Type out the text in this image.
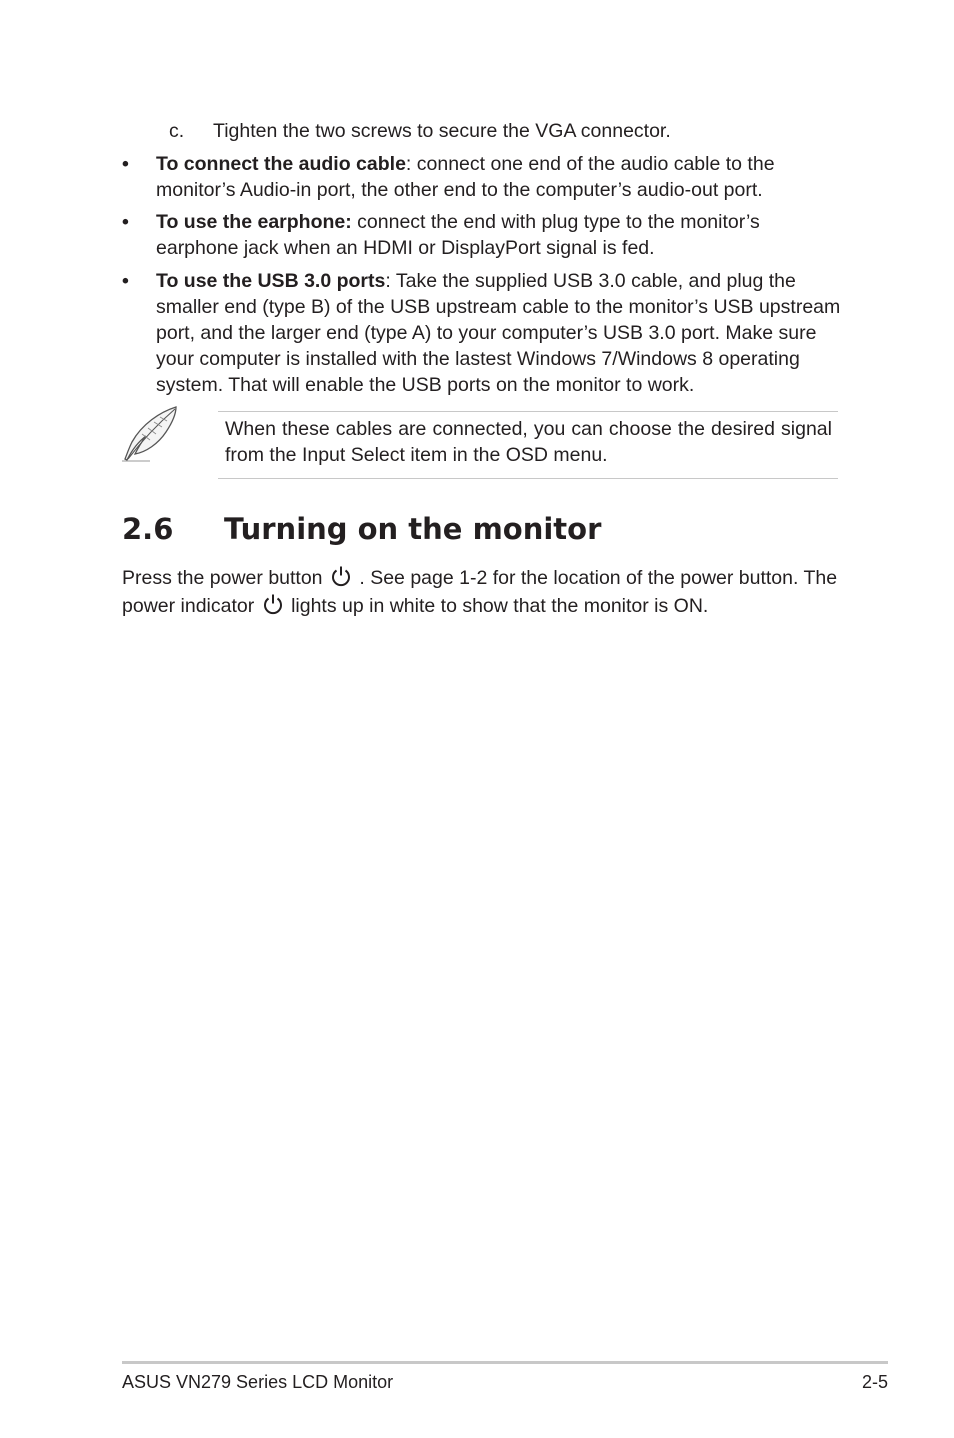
c. Tighten the two screws to secure the VGA connector.
• To connect the audio cable: connect one end of the audio cable to the monitor’s Audio-in port, the other end to the computer’s audio-out port.
• To use the earphone: connect the end with plug type to the monitor’s earphone jack when an HDMI or DisplayPort signal is fed.
• To use the USB 3.0 ports: Take the supplied USB 3.0 cable, and plug the smaller end (type B) of the USB upstream cable to the monitor’s USB upstream port, and the larger end (type A) to your computer’s USB 3.0 port. Make sure your computer is installed with the lastest Windows 7/Windows 8 operating system. That will enable the USB ports on the monitor to work.
When these cables are connected, you can choose the desired signal from the Input Select item in the OSD menu.
2.6 Turning on the monitor
Press the power button  . See page 1-2 for the location of the power button. The power indicator  lights up in white to show that the monitor is ON.
ASUS VN279 Series LCD Monitor	2-5
